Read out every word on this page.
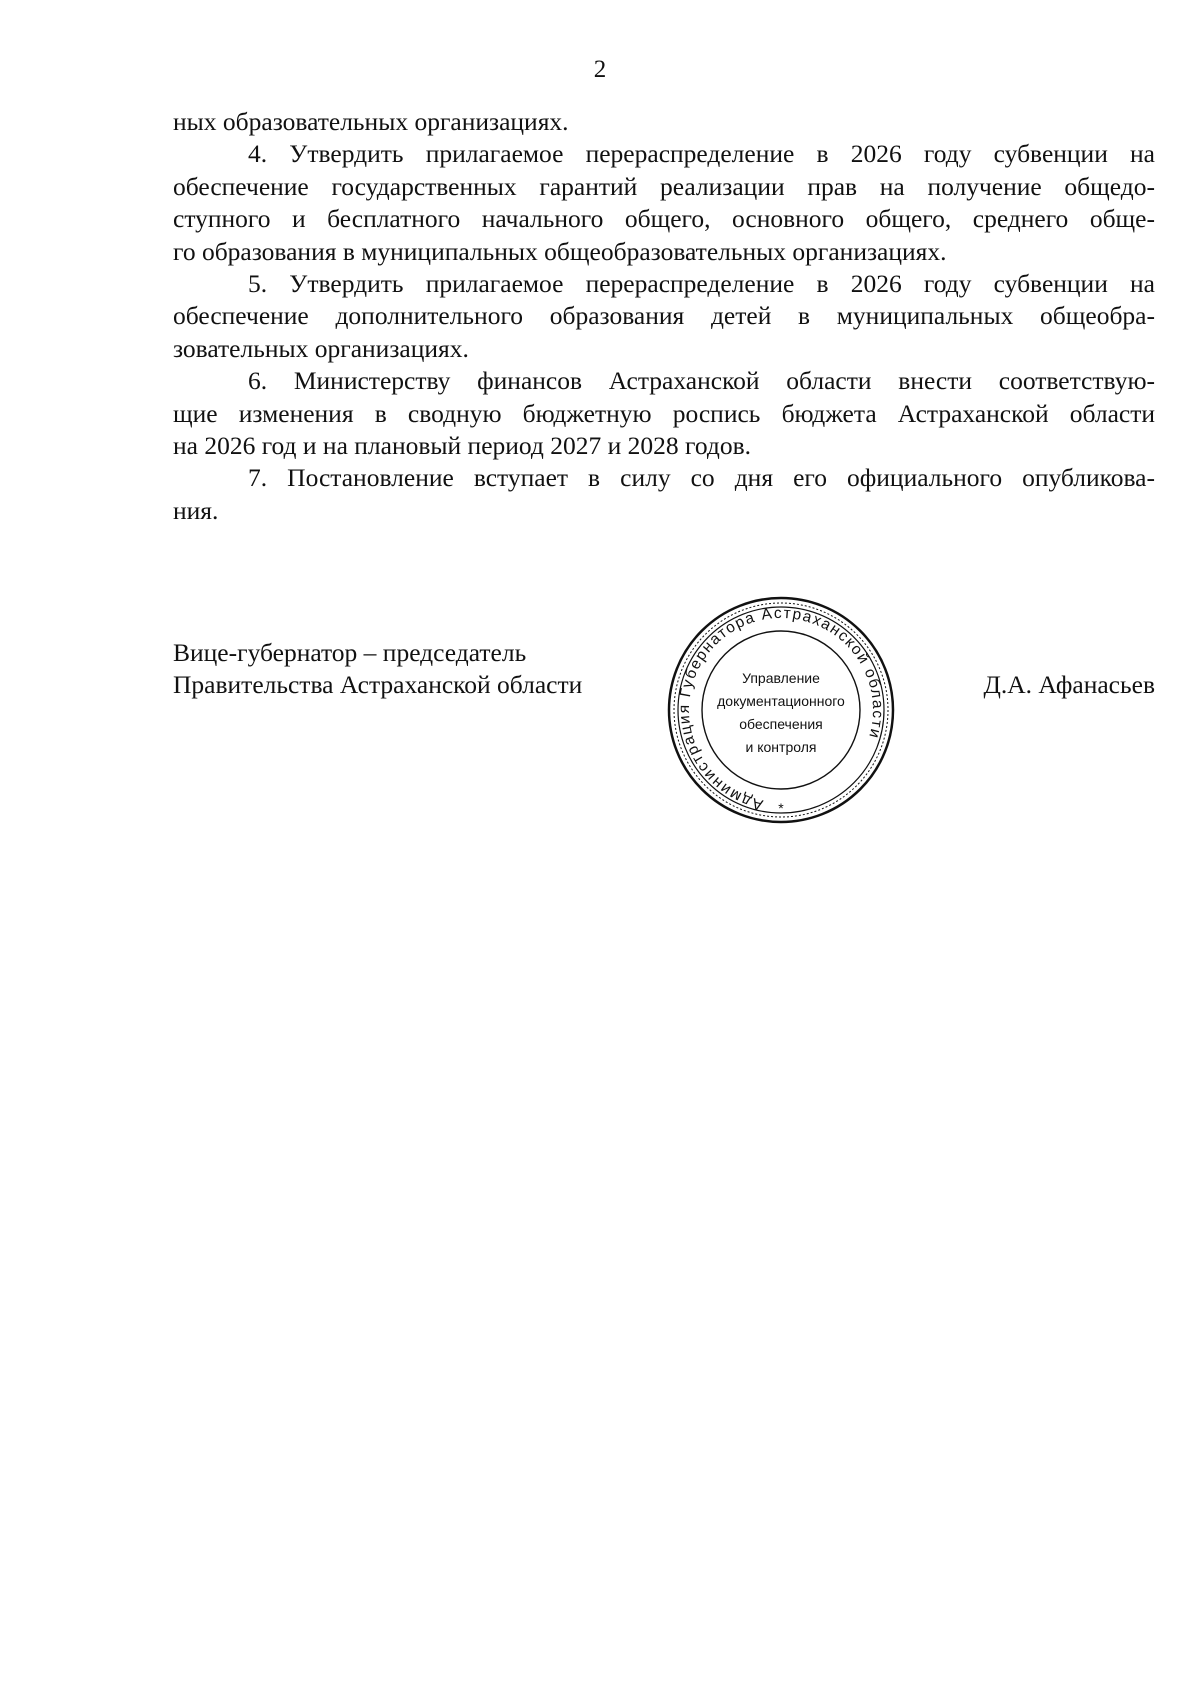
2
ных образовательных организациях.
4. Утвердить прилагаемое перераспределение в 2026 году субвенции на
обеспечение государственных гарантий реализации прав на получение общедо-
ступного и бесплатного начального общего, основного общего, среднего обще-
го образования в муниципальных общеобразовательных организациях.
5. Утвердить прилагаемое перераспределение в 2026 году субвенции на
обеспечение дополнительного образования детей в муниципальных общеобра-
зовательных организациях.
6. Министерству финансов Астраханской области внести соответствую-
щие изменения в сводную бюджетную роспись бюджета Астраханской области
на 2026 год и на плановый период 2027 и 2028 годов.
7. Постановление вступает в силу со дня его официального опубликова-
ния.
Вице-губернатор – председатель
Правительства Астраханской области	Д.А. Афанасьев
Администрация Губернатора Астраханской области
*
Управление
документационного
обеспечения
и контроля
